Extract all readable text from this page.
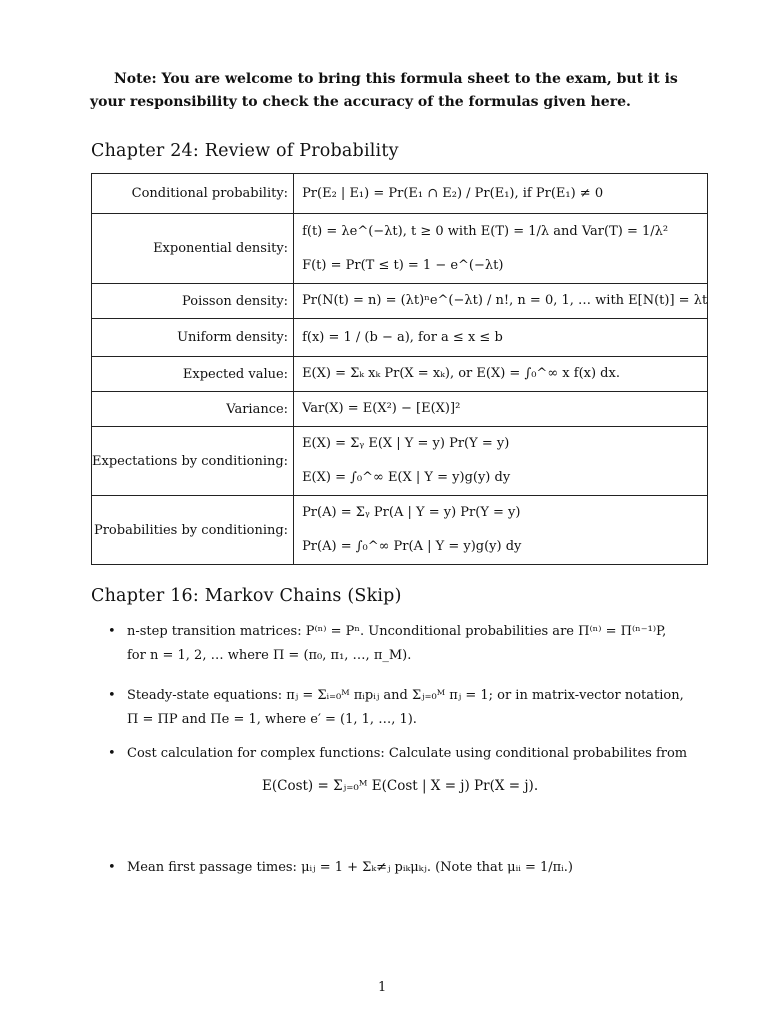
Note: You are welcome to bring this formula sheet to the exam, but it is your responsibility to check the accuracy of the formulas given here.
Chapter 24: Review of Probability
Conditional probability:	Pr(E₂ | E₁) = Pr(E₁ ∩ E₂) / Pr(E₁), if Pr(E₁) ≠ 0

Exponential density:	f(t) = λe^(−λt), t ≥ 0 with E(T) = 1/λ and Var(T) = 1/λ²
F(t) = Pr(T ≤ t) = 1 − e^(−λt)

Poisson density:	Pr(N(t) = n) = (λt)ⁿe^(−λt) / n!, n = 0, 1, … with E[N(t)] = λt

Uniform density:	f(x) = 1 / (b − a), for a ≤ x ≤ b

Expected value:	E(X) = Σₖ xₖ Pr(X = xₖ), or E(X) = ∫₀^∞ x f(x) dx.

Variance:	Var(X) = E(X²) − [E(X)]²

Expectations by conditioning:	E(X) = Σᵧ E(X | Y = y) Pr(Y = y)
E(X) = ∫₀^∞ E(X | Y = y)g(y) dy

Probabilities by conditioning:	Pr(A) = Σᵧ Pr(A | Y = y) Pr(Y = y)
Pr(A) = ∫₀^∞ Pr(A | Y = y)g(y) dy
Chapter 16: Markov Chains (Skip)
• n-step transition matrices: P⁽ⁿ⁾ = Pⁿ. Unconditional probabilities are Π⁽ⁿ⁾ = Π⁽ⁿ⁻¹⁾P,
for n = 1, 2, … where Π = (π₀, π₁, …, π_M).
• Steady-state equations: πⱼ = Σᵢ₌₀ᴹ πᵢpᵢⱼ and Σⱼ₌₀ᴹ πⱼ = 1; or in matrix-vector notation,
Π = ΠP and Πe = 1, where e′ = (1, 1, …, 1).
• Cost calculation for complex functions: Calculate using conditional probabilites from
• Mean first passage times: μᵢⱼ = 1 + Σₖ≠ⱼ pᵢₖμₖⱼ. (Note that μᵢᵢ = 1/πᵢ.)
E(Cost) = Σⱼ₌₀ᴹ E(Cost | X = j) Pr(X = j).
1
